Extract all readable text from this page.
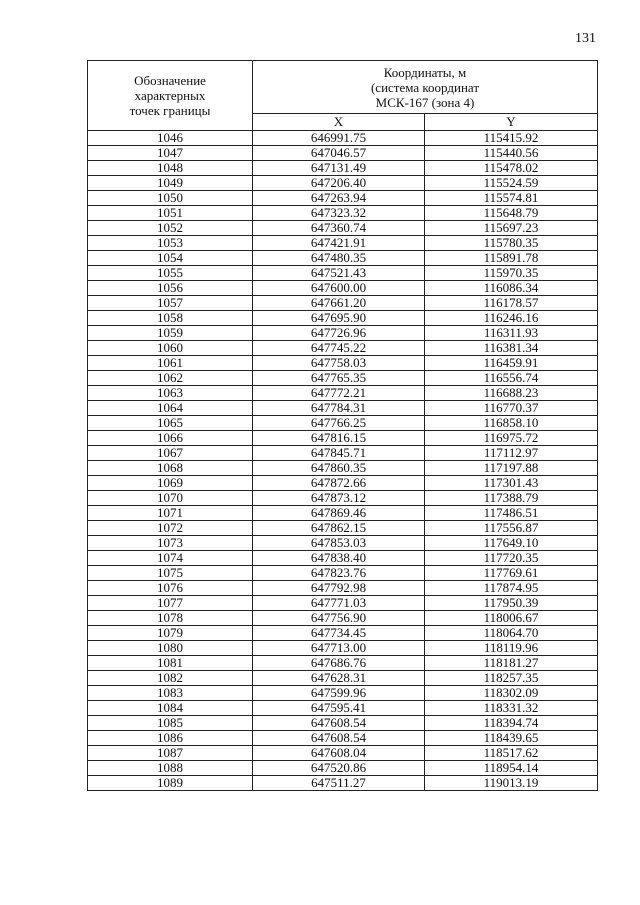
131
Обозначение
характерных
точек границы	Координаты, м
(система координат
МСК-167 (зона 4)	

	X	Y
1046	646991.75	115415.92
1047	647046.57	115440.56
1048	647131.49	115478.02
1049	647206.40	115524.59
1050	647263.94	115574.81
1051	647323.32	115648.79
1052	647360.74	115697.23
1053	647421.91	115780.35
1054	647480.35	115891.78
1055	647521.43	115970.35
1056	647600.00	116086.34
1057	647661.20	116178.57
1058	647695.90	116246.16
1059	647726.96	116311.93
1060	647745.22	116381.34
1061	647758.03	116459.91
1062	647765.35	116556.74
1063	647772.21	116688.23
1064	647784.31	116770.37
1065	647766.25	116858.10
1066	647816.15	116975.72
1067	647845.71	117112.97
1068	647860.35	117197.88
1069	647872.66	117301.43
1070	647873.12	117388.79
1071	647869.46	117486.51
1072	647862.15	117556.87
1073	647853.03	117649.10
1074	647838.40	117720.35
1075	647823.76	117769.61
1076	647792.98	117874.95
1077	647771.03	117950.39
1078	647756.90	118006.67
1079	647734.45	118064.70
1080	647713.00	118119.96
1081	647686.76	118181.27
1082	647628.31	118257.35
1083	647599.96	118302.09
1084	647595.41	118331.32
1085	647608.54	118394.74
1086	647608.54	118439.65
1087	647608.04	118517.62
1088	647520.86	118954.14
1089	647511.27	119013.19
